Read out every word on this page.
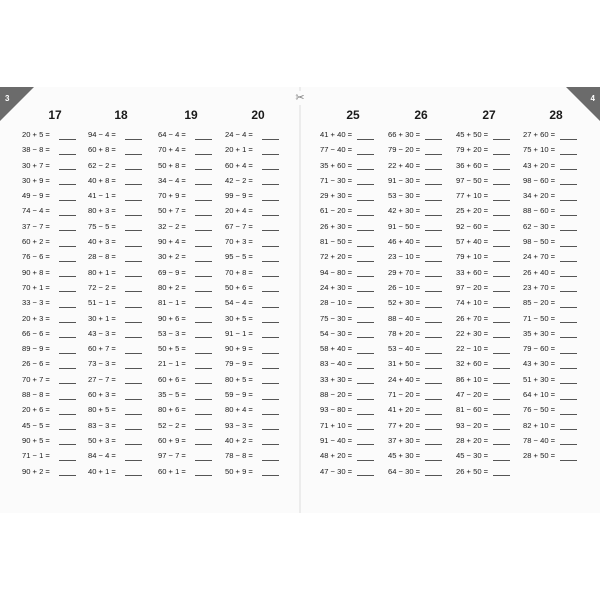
17
20 + 5 =
38 − 8 =
30 + 7 =
30 + 9 =
49 − 9 =
74 − 4 =
37 − 7 =
60 + 2 =
76 − 6 =
90 + 8 =
70 + 1 =
33 − 3 =
20 + 3 =
66 − 6 =
89 − 9 =
26 − 6 =
70 + 7 =
88 − 8 =
20 + 6 =
45 − 5 =
90 + 5 =
71 − 1 =
90 + 2 =
18
94 − 4 =
60 + 8 =
62 − 2 =
40 + 8 =
41 − 1 =
80 + 3 =
75 − 5 =
40 + 3 =
28 − 8 =
80 + 1 =
72 − 2 =
51 − 1 =
30 + 1 =
43 − 3 =
60 + 7 =
73 − 3 =
27 − 7 =
60 + 3 =
80 + 5 =
83 − 3 =
50 + 3 =
84 − 4 =
40 + 1 =
19
64 − 4 =
70 + 4 =
50 + 8 =
34 − 4 =
70 + 9 =
50 + 7 =
32 − 2 =
90 + 4 =
30 + 2 =
69 − 9 =
80 + 2 =
81 − 1 =
90 + 6 =
53 − 3 =
50 + 5 =
21 − 1 =
60 + 6 =
35 − 5 =
80 + 6 =
52 − 2 =
60 + 9 =
97 − 7 =
60 + 1 =
20
24 − 4 =
20 + 1 =
60 + 4 =
42 − 2 =
99 − 9 =
20 + 4 =
67 − 7 =
70 + 3 =
95 − 5 =
70 + 8 =
50 + 6 =
54 − 4 =
30 + 5 =
91 − 1 =
90 + 9 =
79 − 9 =
80 + 5 =
59 − 9 =
80 + 4 =
93 − 3 =
40 + 2 =
78 − 8 =
50 + 9 =
25
41 + 40 =
77 − 40 =
35 + 60 =
71 − 30 =
29 + 30 =
61 − 20 =
26 + 30 =
81 − 50 =
72 + 20 =
94 − 80 =
24 + 30 =
28 − 10 =
75 − 30 =
54 − 30 =
58 + 40 =
83 − 40 =
33 + 30 =
88 − 20 =
93 − 80 =
71 + 10 =
91 − 40 =
48 + 20 =
47 − 30 =
26
66 + 30 =
79 − 20 =
22 + 40 =
91 − 30 =
53 − 30 =
42 + 30 =
91 − 50 =
46 + 40 =
23 − 10 =
29 + 70 =
26 − 10 =
52 + 30 =
88 − 40 =
78 + 20 =
53 − 40 =
31 + 50 =
24 + 40 =
71 − 20 =
41 + 20 =
77 + 20 =
37 + 30 =
45 + 30 =
64 − 30 =
27
45 + 50 =
79 + 20 =
36 + 60 =
97 − 50 =
77 + 10 =
25 + 20 =
92 − 60 =
57 + 40 =
79 + 10 =
33 + 60 =
97 − 20 =
74 + 10 =
26 + 70 =
22 + 30 =
22 − 10 =
32 + 60 =
86 + 10 =
47 − 20 =
81 − 60 =
93 − 20 =
28 + 20 =
45 − 30 =
26 + 50 =
28
27 + 60 =
75 + 10 =
43 + 20 =
98 − 60 =
34 + 20 =
88 − 60 =
62 − 30 =
98 − 50 =
24 + 70 =
26 + 40 =
23 + 70 =
85 − 20 =
71 − 50 =
35 + 30 =
79 − 60 =
43 + 30 =
51 + 30 =
64 + 10 =
76 − 50 =
82 + 10 =
78 − 40 =
28 + 50 =
✂
3	4
